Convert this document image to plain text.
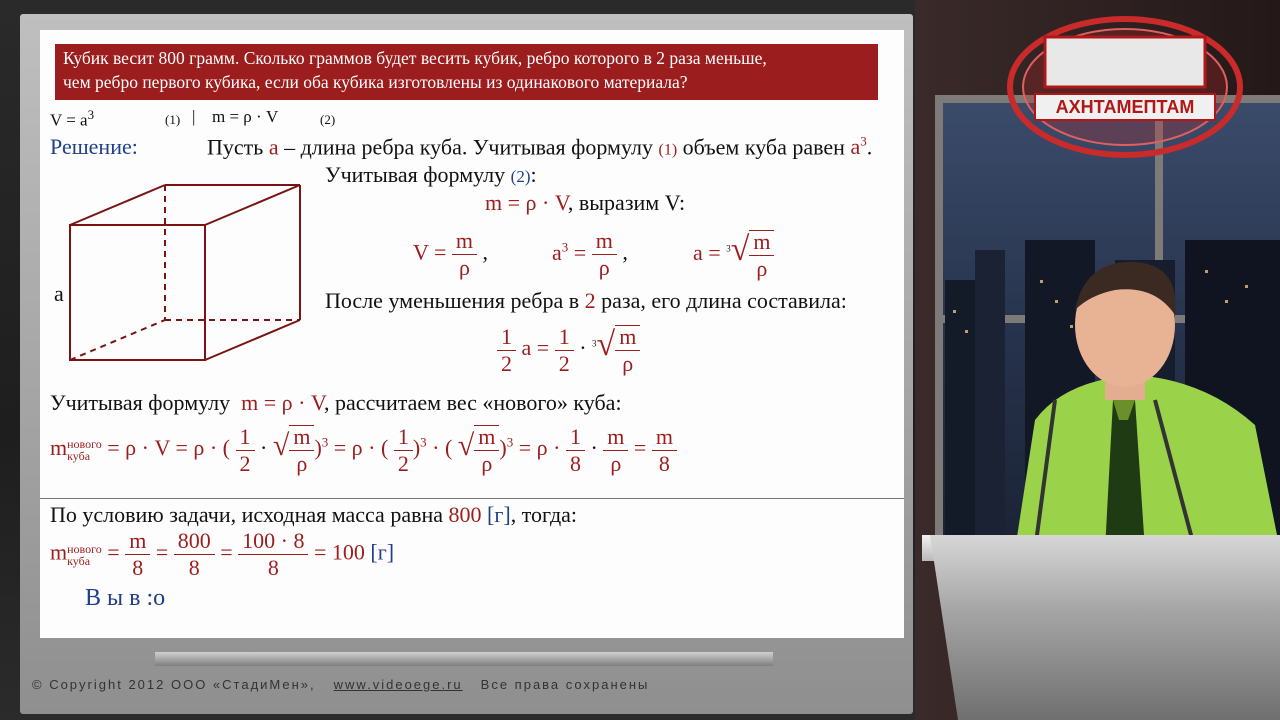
АХНТАМЕПТАМ
Кубик весит 800 грамм. Сколько граммов будет весить кубик, ребро которого в 2 раза меньше,
чем ребро первого кубика, если оба кубика изготовлены из одинакового материала?
$V = a^3$	(1) | m = ρ · V	(2)
Решение:	Пусть a – длина ребра куба. Учитывая формулу (1) объем куба равен $a^3$.
a
Учитывая формулу (2):
m = ρ · V, выразим V:
$V = \frac{m}{\rho}$ ,	$a^3 = \frac{m}{\rho}$ ,	$a = ^3√ \frac{m}{\rho}$
После уменьшения ребра в 2 раза, его длина составила:
$\frac{1}{2}$ $a = \frac{1}{2} \cdot ^3√ \frac{m}{\rho}$
Учитывая формулу m = ρ · V, рассчитаем вес «нового» куба:
m нового
куба = ρ · V = ρ · ( $\frac{1}{2}$ · √ $\frac{m}{\rho} )^3 = \rho$ · ( $\frac{1}{2} )^3$ · ( √ $\frac{m}{\rho} )^3 = \rho \cdot \frac{1}{8} \cdot \frac{m}{\rho} = \frac{m}{8}$
По условию задачи, исходная масса равна 800 [г], тогда:
m нового
куба = $\frac{m}{8} = \frac{800}{8} = \frac{100 \cdot 8}{8} = 100$ [г]
В ы в :о
© Copyright 2012 ООО «СтадиМен», www.videoege.ru Все права сохранены
